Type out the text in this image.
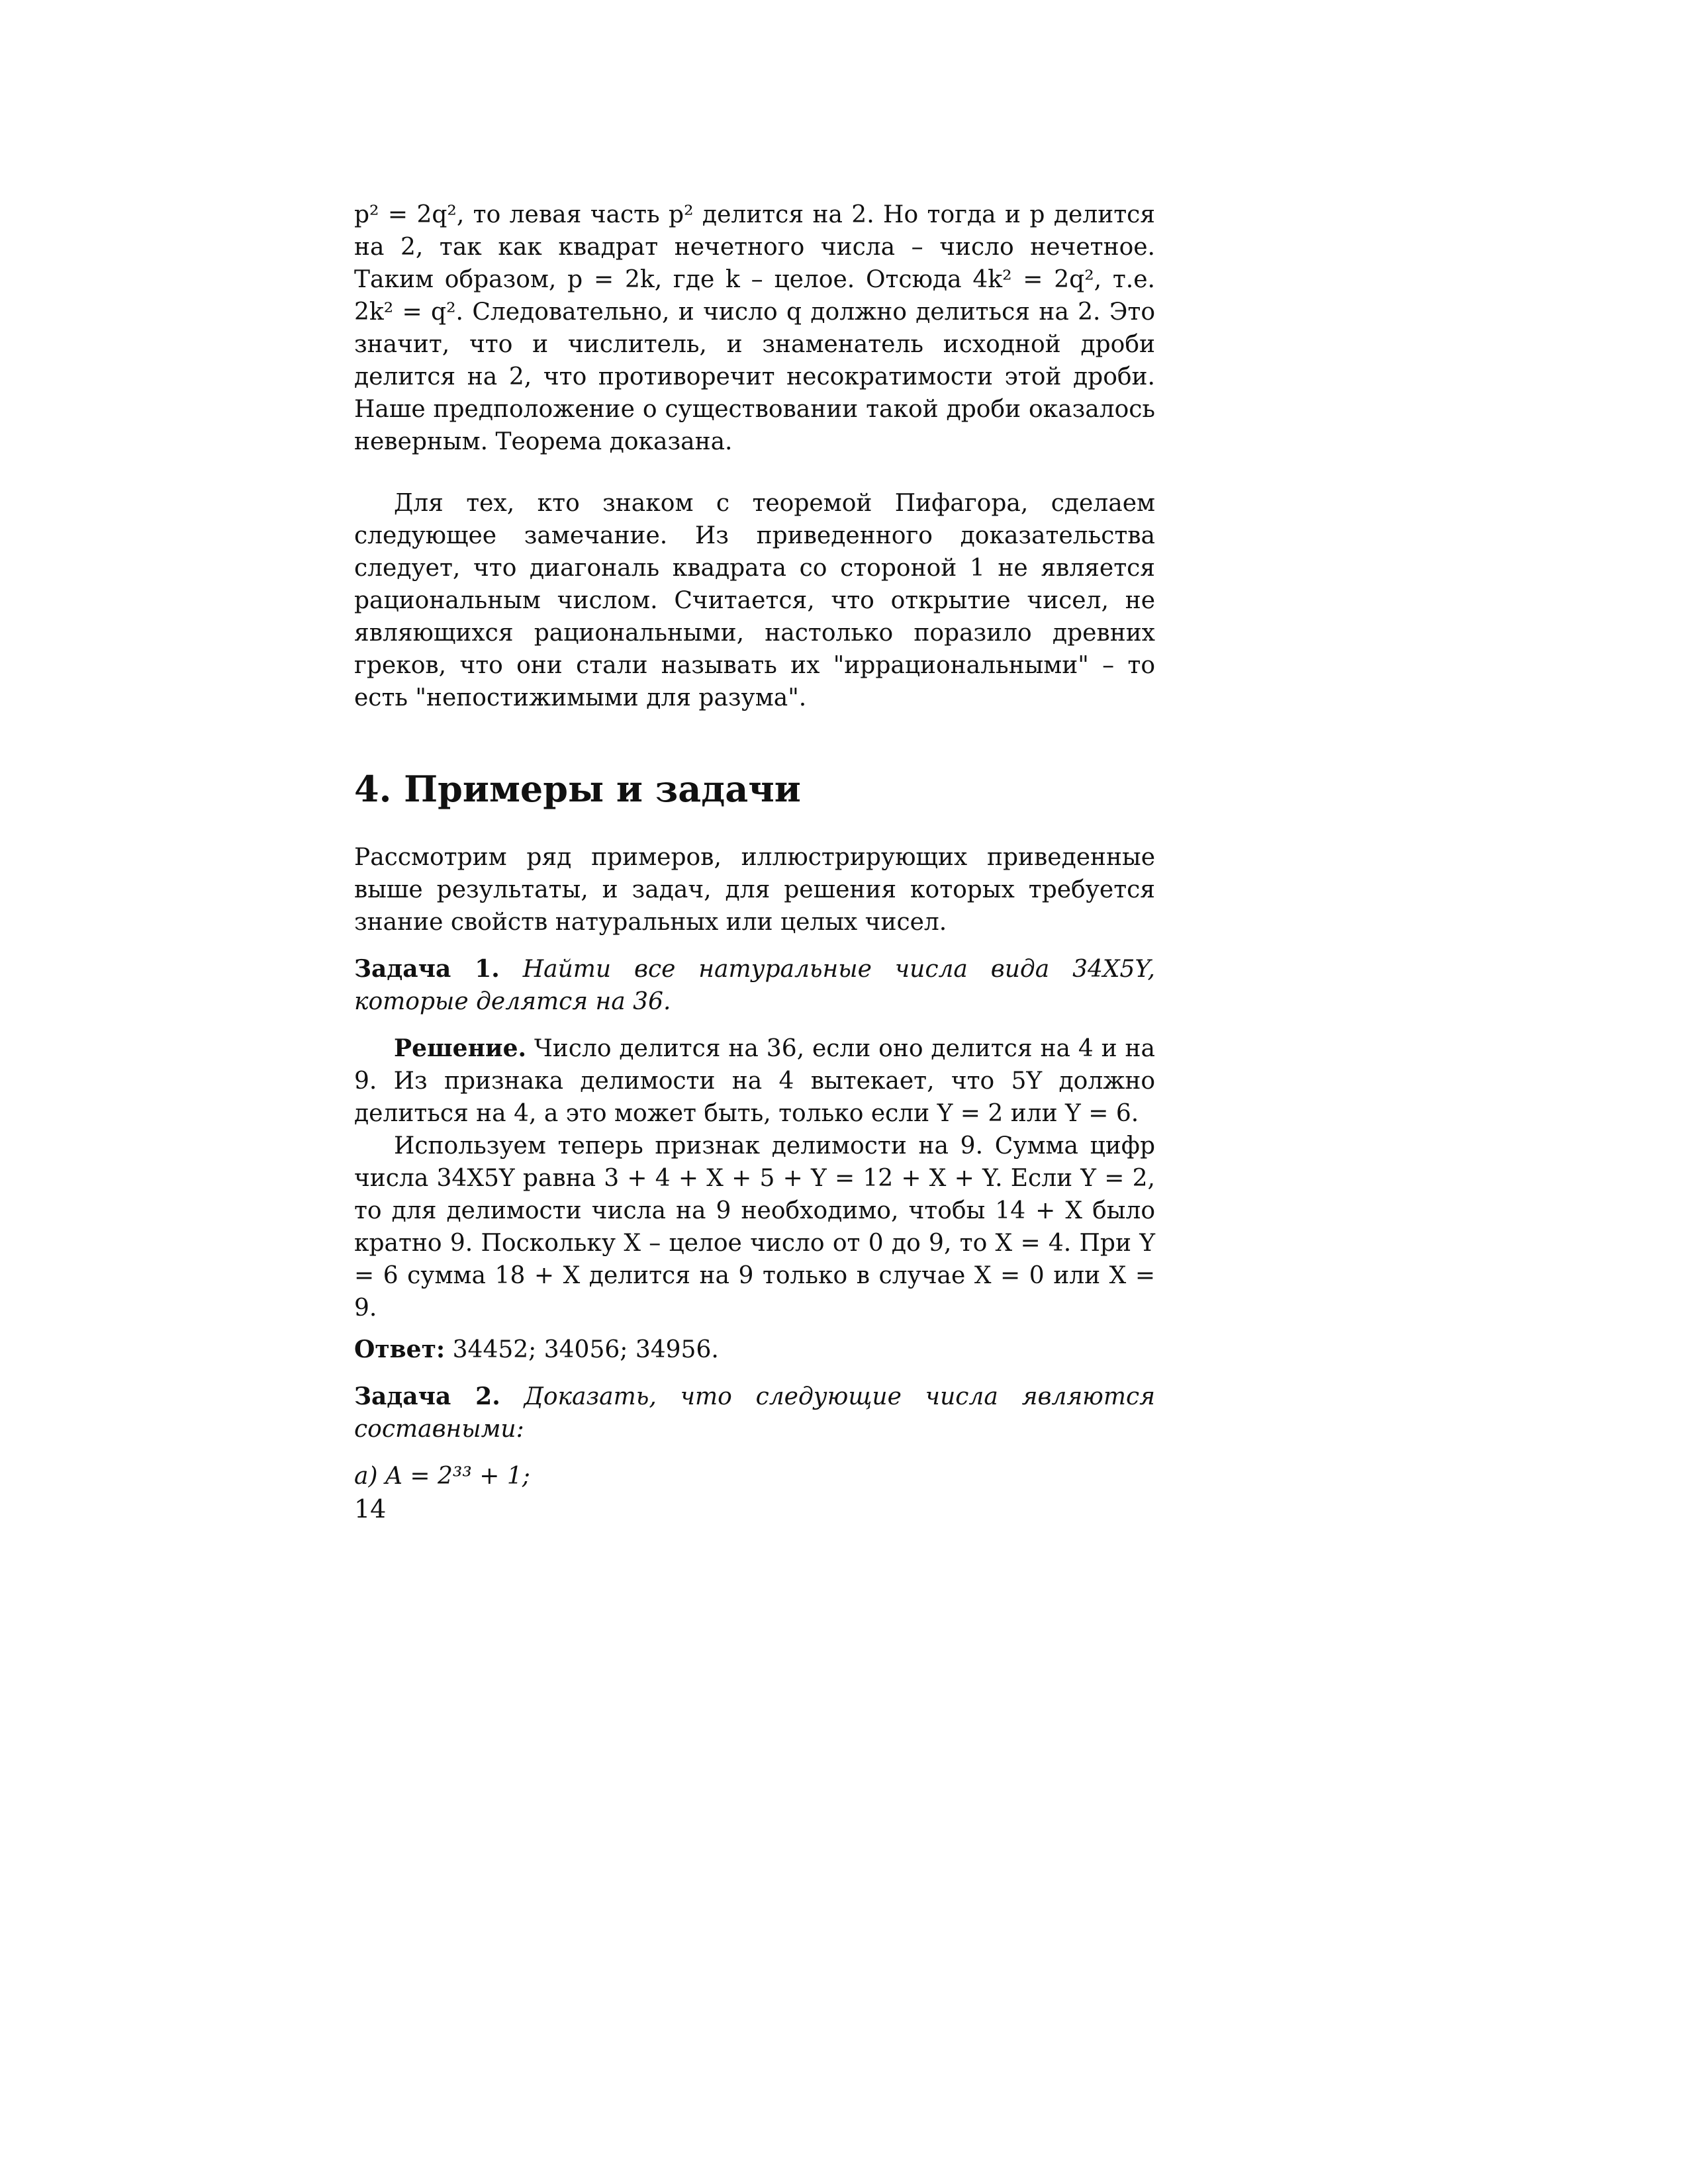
p² = 2q², то левая часть p² делится на 2. Но тогда и p делится на 2, так как квадрат нечетного числа – число нечетное. Таким образом, p = 2k, где k – целое. Отсюда 4k² = 2q², т.е. 2k² = q². Следовательно, и число q должно делиться на 2. Это значит, что и числитель, и знаменатель исходной дроби делится на 2, что противоречит несократимости этой дроби. Наше предположение о существовании такой дроби оказалось неверным. Теорема доказана.

Для тех, кто знаком с теоремой Пифагора, сделаем следующее замечание. Из приведенного доказательства следует, что диагональ квадрата со стороной 1 не является рациональным числом. Считается, что открытие чисел, не являющихся рациональными, настолько поразило древних греков, что они стали называть их "иррациональными" – то есть "непостижимыми для разума".

4. Примеры и задачи

Рассмотрим ряд примеров, иллюстрирующих приведенные выше результаты, и задач, для решения которых требуется знание свойств натуральных или целых чисел.

Задача 1. Найти все натуральные числа вида 34X5Y, которые делятся на 36.

Решение. Число делится на 36, если оно делится на 4 и на 9. Из признака делимости на 4 вытекает, что 5Y должно делиться на 4, а это может быть, только если Y = 2 или Y = 6.

Используем теперь признак делимости на 9. Сумма цифр числа 34X5Y равна 3 + 4 + X + 5 + Y = 12 + X + Y. Если Y = 2, то для делимости числа на 9 необходимо, чтобы 14 + X было кратно 9. Поскольку X – целое число от 0 до 9, то X = 4. При Y = 6 сумма 18 + X делится на 9 только в случае X = 0 или X = 9.

Ответ: 34452; 34056; 34956.

Задача 2. Доказать, что следующие числа являются составными:

а) A = 2³³ + 1;

14
